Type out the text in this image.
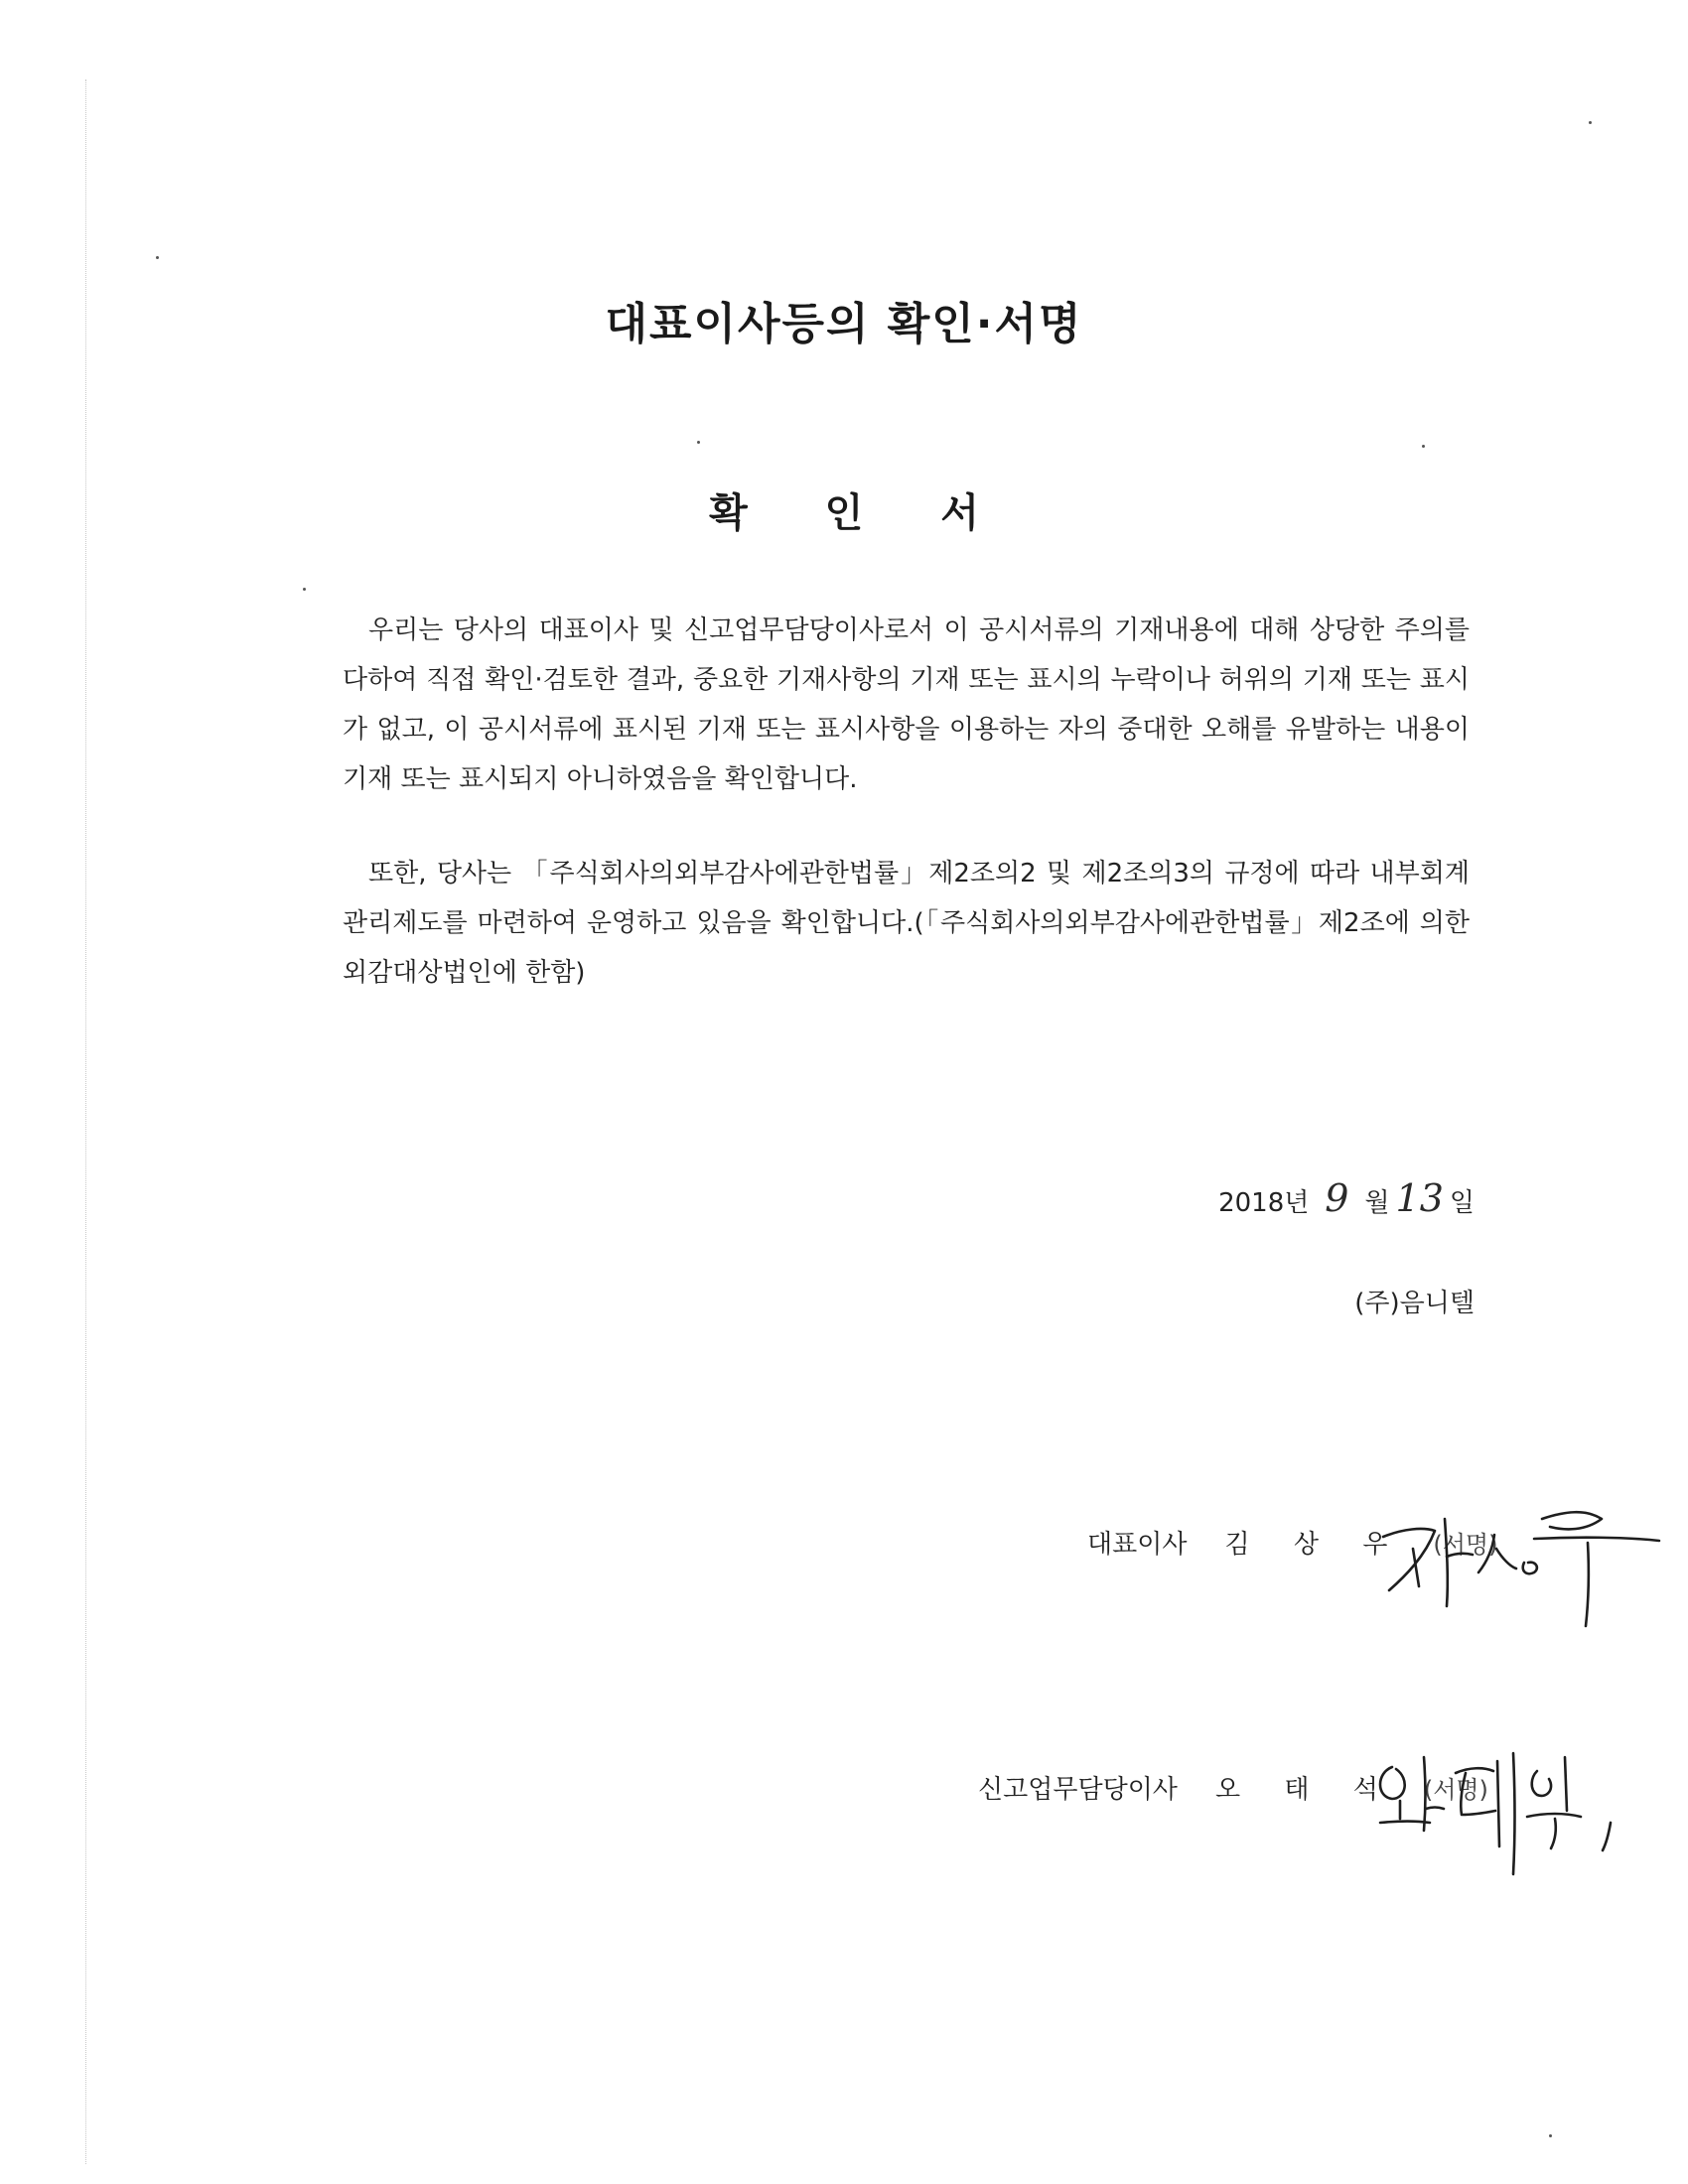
대표이사등의 확인·서명
확 인 서

우리는 당사의 대표이사 및 신고업무담당이사로서 이 공시서류의 기재내용에 대해 상당한 주의를 다하여 직접 확인·검토한 결과, 중요한 기재사항의 기재 또는 표시의 누락이나 허위의 기재 또는 표시가 없고, 이 공시서류에 표시된 기재 또는 표시사항을 이용하는 자의 중대한 오해를 유발하는 내용이 기재 또는 표시되지 아니하였음을 확인합니다.

또한, 당사는 「주식회사의외부감사에관한법률」제2조의2 및 제2조의3의 규정에 따라 내부회계관리제도를 마련하여 운영하고 있음을 확인합니다.(「주식회사의외부감사에관한법률」제2조에 의한 외감대상법인에 한함)

2018년 9 월 13 일
(주)음니텔
대표이사 김 상 우 (서명)
신고업무담당이사 오 태 석 (서명)
